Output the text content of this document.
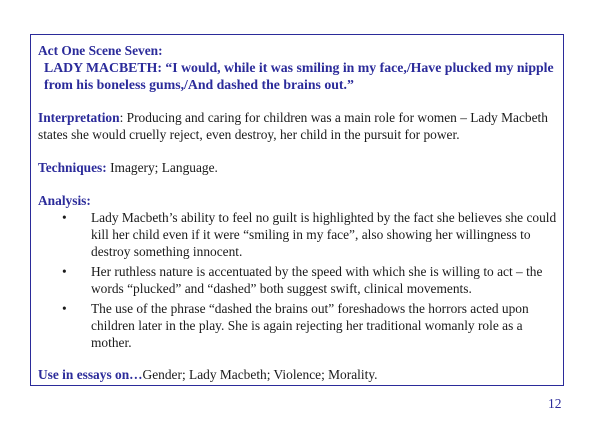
Act One Scene Seven:
LADY MACBETH: “I would, while it was smiling in my face,/Have plucked my nipple from his boneless gums,/And dashed the brains out.”

Interpretation: Producing and caring for children was a main role for women – Lady Macbeth states she would cruelly reject, even destroy, her child in the pursuit for power.

Techniques: Imagery; Language.

Analysis:
• Lady Macbeth’s ability to feel no guilt is highlighted by the fact she believes she could kill her child even if it were “smiling in my face”, also showing her willingness to destroy something innocent.
• Her ruthless nature is accentuated by the speed with which she is willing to act – the words “plucked” and “dashed” both suggest swift, clinical movements.
• The use of the phrase “dashed the brains out” foreshadows the horrors acted upon children later in the play. She is again rejecting her traditional womanly role as a mother.

Use in essays on…Gender; Lady Macbeth; Violence; Morality.

12
